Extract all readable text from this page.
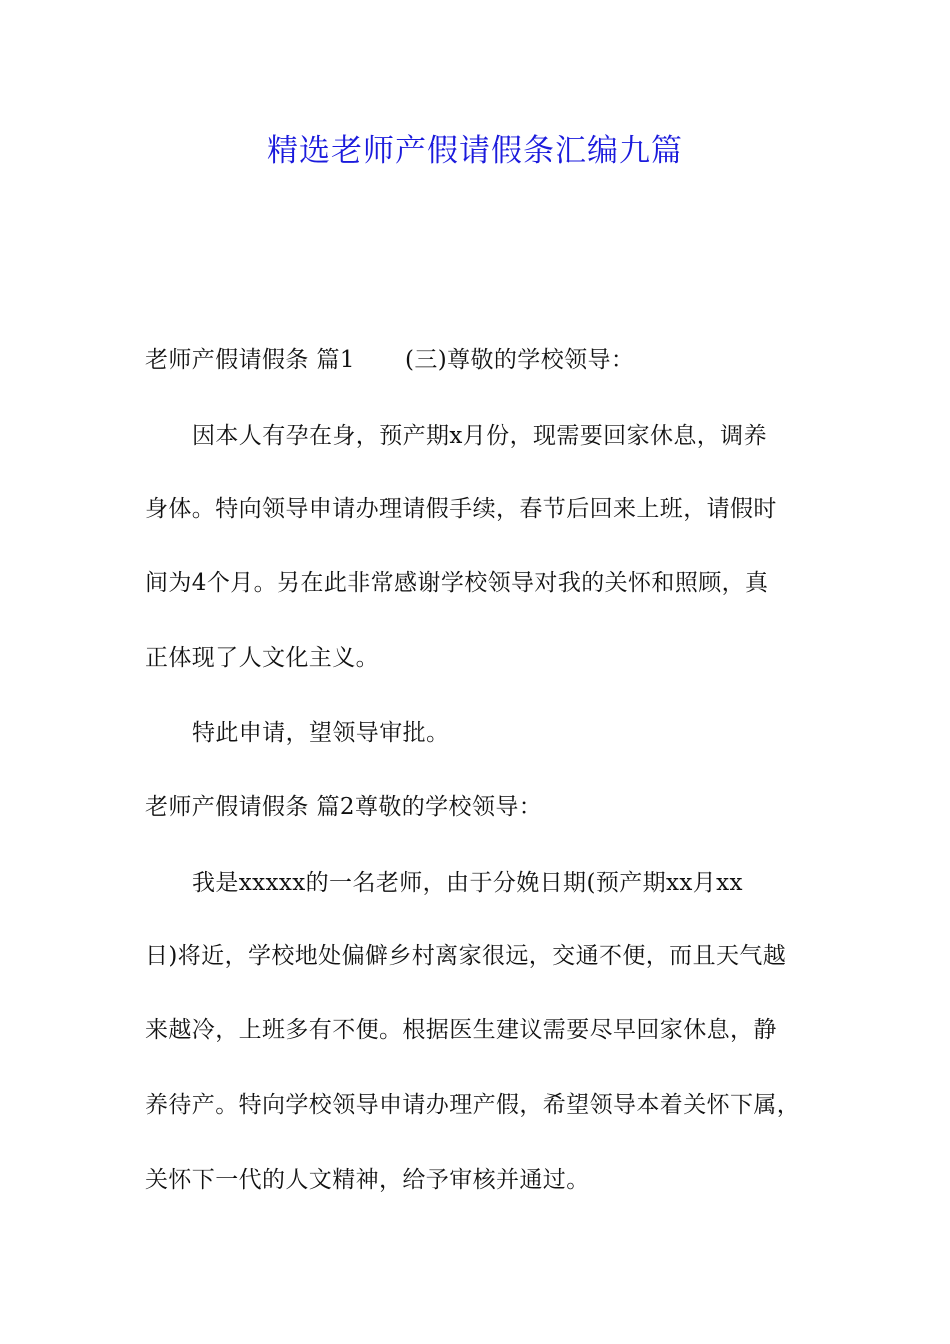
精选老师产假请假条汇编九篇
老师产假请假条 篇1 (三)尊敬的学校领导：
因本人有孕在身，预产期x月份，现需要回家休息，调养
身体。特向领导申请办理请假手续，春节后回来上班，请假时
间为4个月。另在此非常感谢学校领导对我的关怀和照顾，真
正体现了人文化主义。
特此申请，望领导审批。
老师产假请假条 篇2尊敬的学校领导：
我是xxxxx的一名老师，由于分娩日期(预产期xx月xx
日)将近，学校地处偏僻乡村离家很远，交通不便，而且天气越
来越冷，上班多有不便。根据医生建议需要尽早回家休息，静
养待产。特向学校领导申请办理产假，希望领导本着关怀下属，
关怀下一代的人文精神，给予审核并通过。
